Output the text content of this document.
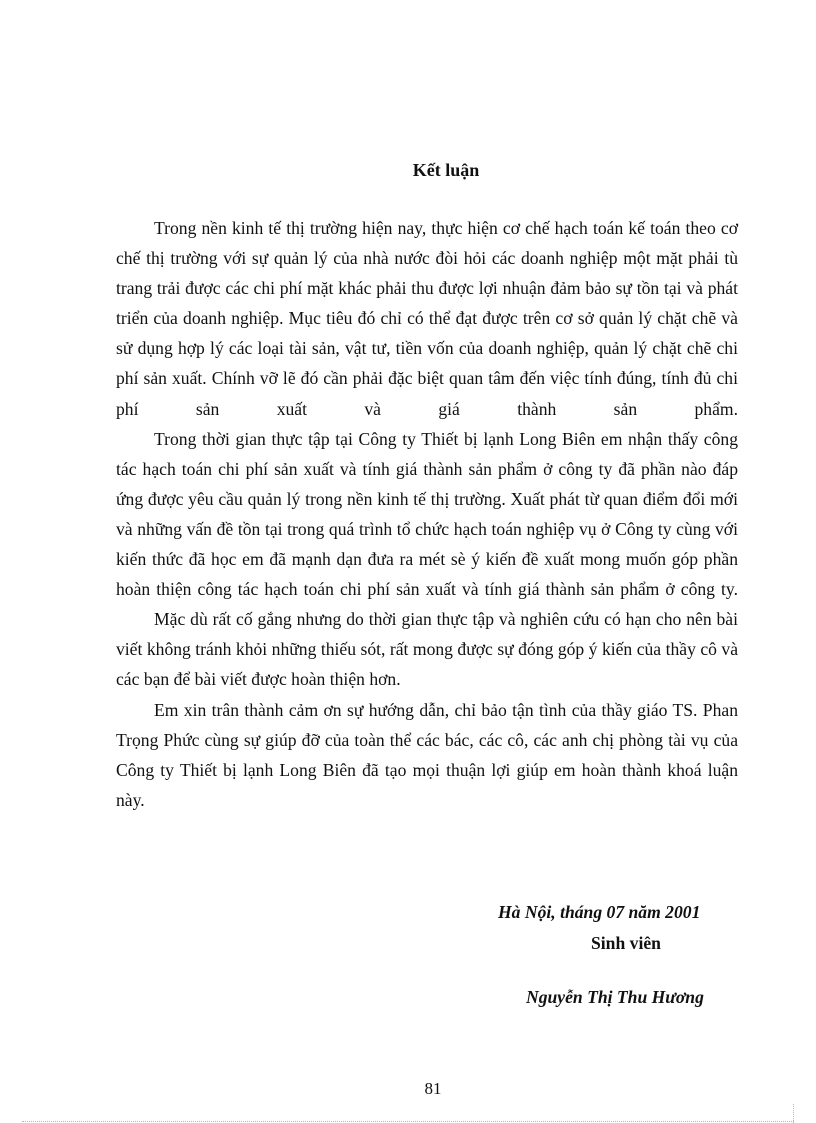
Kết luận

Trong nền kinh tế thị trường hiện nay, thực hiện cơ chế hạch toán kế toán theo cơ chế thị trường với sự quản lý của nhà nước đòi hỏi các doanh nghiệp một mặt phải tù trang trải được các chi phí mặt khác phải thu được lợi nhuận đảm bảo sự tồn tại và phát triển của doanh nghiệp. Mục tiêu đó chỉ có thể đạt được trên cơ sở quản lý chặt chẽ và sử dụng hợp lý các loại tài sản, vật tư, tiền vốn của doanh nghiệp, quản lý chặt chẽ chi phí sản xuất. Chính vỡ lẽ đó cần phải đặc biệt quan tâm đến việc tính đúng, tính đủ chi phí sản xuất và giá thành sản phẩm.

Trong thời gian thực tập tại Công ty Thiết bị lạnh Long Biên em nhận thấy công tác hạch toán chi phí sản xuất và tính giá thành sản phẩm ở công ty đã phần nào đáp ứng được yêu cầu quản lý trong nền kinh tế thị trường. Xuất phát từ quan điểm đổi mới và những vấn đề tồn tại trong quá trình tổ chức hạch toán nghiệp vụ ở Công ty cùng với kiến thức đã học em đã mạnh dạn đưa ra mét sè ý kiến đề xuất mong muốn góp phần hoàn thiện công tác hạch toán chi phí sản xuất và tính giá thành sản phẩm ở công ty.

Mặc dù rất cố gắng nhưng do thời gian thực tập và nghiên cứu có hạn cho nên bài viết không tránh khỏi những thiếu sót, rất mong được sự đóng góp ý kiến của thầy cô và các bạn để bài viết được hoàn thiện hơn.

Em xin trân thành cảm ơn sự hướng dẫn, chỉ bảo tận tình của thầy giáo TS. Phan Trọng Phức cùng sự giúp đỡ của toàn thể các bác, các cô, các anh chị phòng tài vụ của Công ty Thiết bị lạnh Long Biên đã tạo mọi thuận lợi giúp em hoàn thành khoá luận này.

Hà Nội, tháng 07 năm 2001
Sinh viên
Nguyễn Thị Thu Hương
81
